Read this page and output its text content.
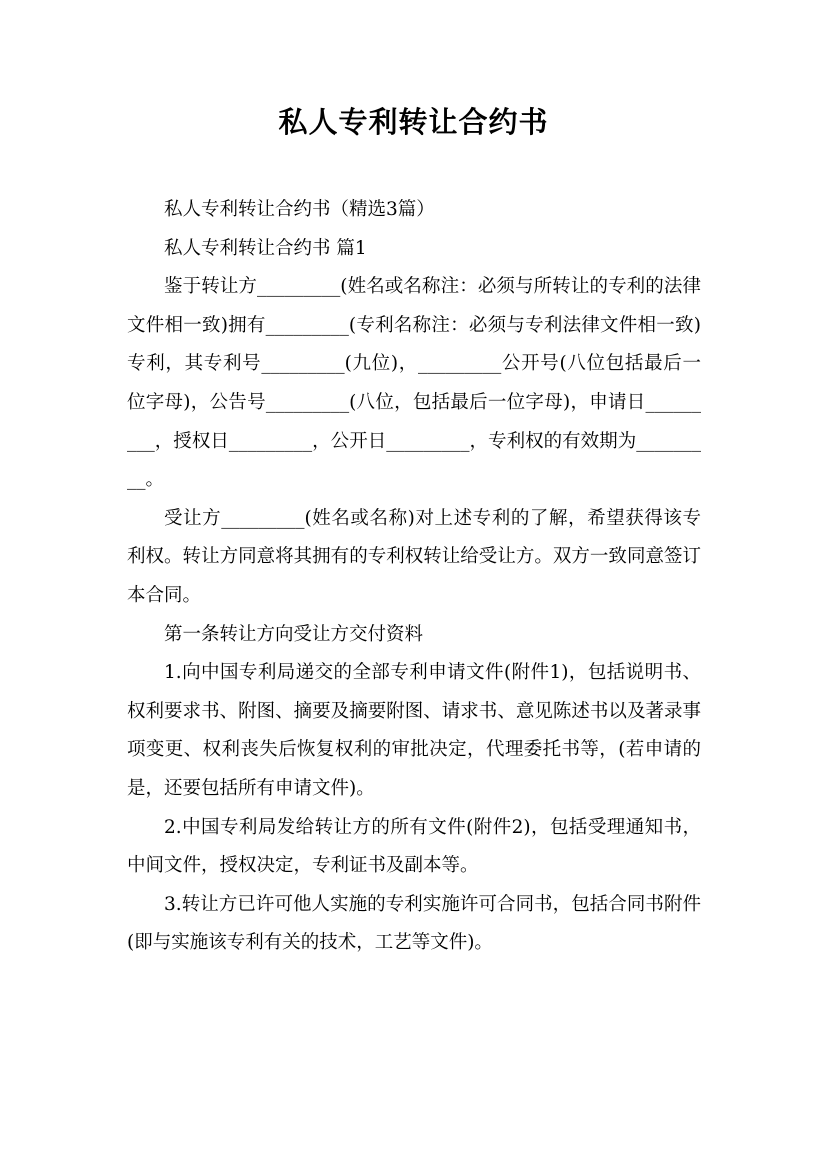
私人专利转让合约书

私人专利转让合约书（精选3篇）

私人专利转让合约书 篇1

鉴于转让方_________(姓名或名称注：必须与所转让的专利的法律文件相一致)拥有_________(专利名称注：必须与专利法律文件相一致)专利，其专利号_________(九位)，_________公开号(八位包括最后一位字母)，公告号_________(八位，包括最后一位字母)，申请日_________，授权日_________，公开日_________，专利权的有效期为_________。

受让方_________(姓名或名称)对上述专利的了解，希望获得该专利权。转让方同意将其拥有的专利权转让给受让方。双方一致同意签订本合同。

第一条转让方向受让方交付资料

1.向中国专利局递交的全部专利申请文件(附件1)，包括说明书、权利要求书、附图、摘要及摘要附图、请求书、意见陈述书以及著录事项变更、权利丧失后恢复权利的审批决定，代理委托书等，(若申请的是，还要包括所有申请文件)。

2.中国专利局发给转让方的所有文件(附件2)，包括受理通知书，中间文件，授权决定，专利证书及副本等。

3.转让方已许可他人实施的专利实施许可合同书，包括合同书附件(即与实施该专利有关的技术，工艺等文件)。
